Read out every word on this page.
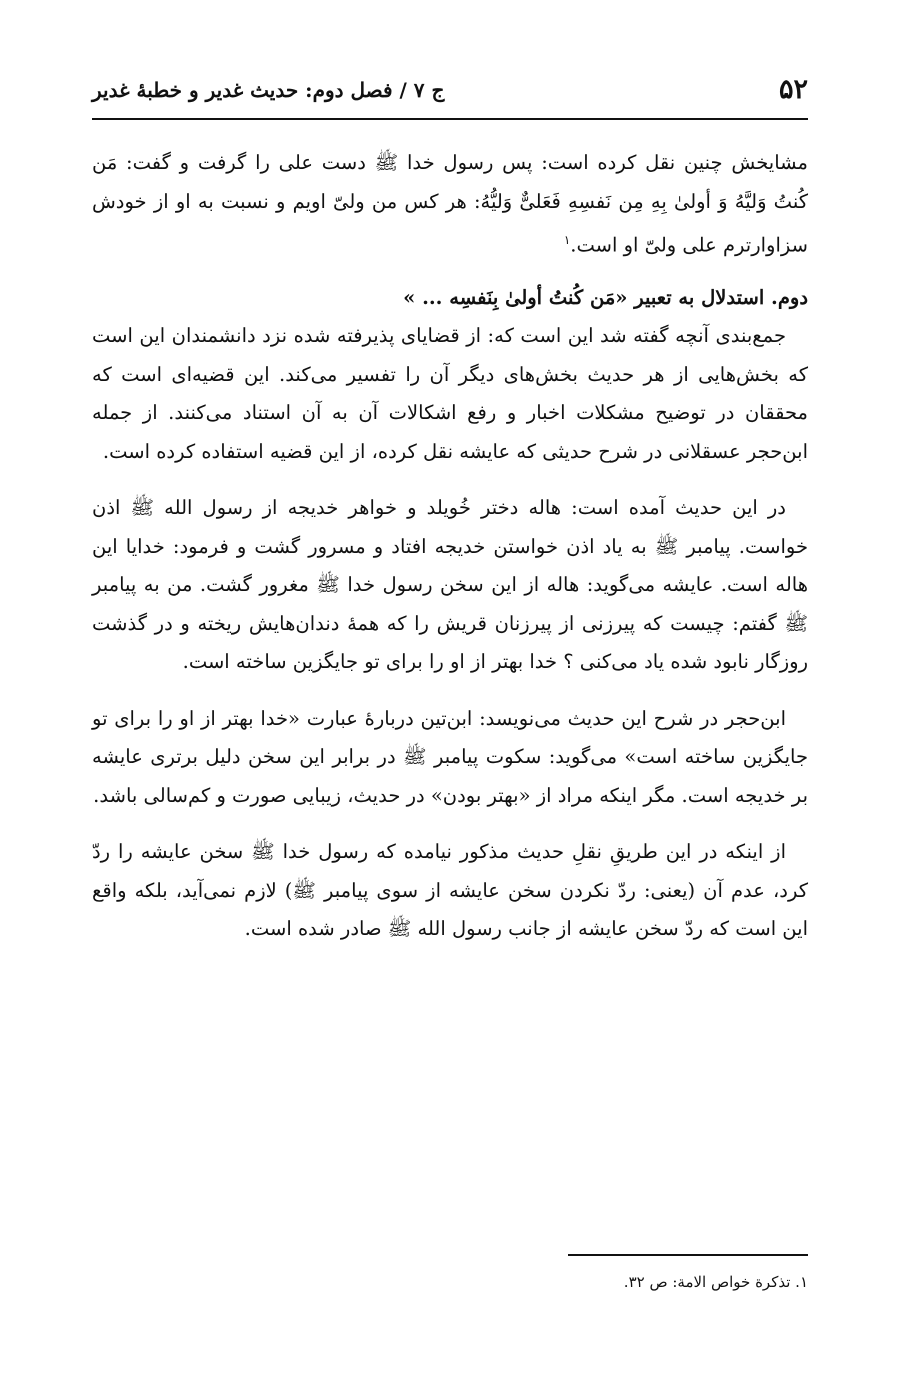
۵۲
ج ۷ / فصل دوم: حدیث غدیر و خطبهٔ غدیر

مشایخش چنین نقل کرده است: پس رسول خدا ﷺ دست علی را گرفت و گفت: مَن کُنتُ وَلیَّهُ وَ أولیٰ بِهِ مِن نَفسِهِ فَعَلیٌّ وَلیُّهُ: هر کس من ولیّ اویم و نسبت به او از خودش سزاوارترم علی ولیّ او است.$^۱$

دوم. استدلال به تعبیر «مَن کُنتُ أولیٰ بِنَفسِه ... »

جمع‌بندی آنچه گفته شد این است که: از قضایای پذیرفته شده نزد دانشمندان این است که بخش‌هایی از هر حدیث بخش‌های دیگر آن را تفسیر می‌کند. این قضیه‌ای است که محققان در توضیح مشکلات اخبار و رفع اشکالات آن به آن استناد می‌کنند. از جمله ابن‌حجر عسقلانی در شرح حدیثی که عایشه نقل کرده، از این قضیه استفاده کرده است.

در این حدیث آمده است: هاله دختر خُویلد و خواهر خدیجه از رسول الله ﷺ اذن خواست. پیامبر ﷺ به یاد اذن خواستن خدیجه افتاد و مسرور گشت و فرمود: خدایا این هاله است. عایشه می‌گوید: هاله از این سخن رسول خدا ﷺ مغرور گشت. من به پیامبر ﷺ گفتم: چیست که پیرزنی از پیرزنان قریش را که همهٔ دندان‌هایش ریخته و در گذشت روزگار نابود شده یاد می‌کنی ؟ خدا بهتر از او را برای تو جایگزین ساخته است.

ابن‌حجر در شرح این حدیث می‌نویسد: ابن‌تین دربارهٔ عبارت «خدا بهتر از او را برای تو جایگزین ساخته است» می‌گوید: سکوت پیامبر ﷺ در برابر این سخن دلیل برتری عایشه بر خدیجه است. مگر اینکه مراد از «بهتر بودن» در حدیث، زیبایی صورت و کم‌سالی باشد.

از اینکه در این طریقِ نقلِ حدیث مذکور نیامده که رسول خدا ﷺ سخن عایشه را ردّ کرد، عدم آن (یعنی: ردّ نکردن سخن عایشه از سوی پیامبر ﷺ) لازم نمی‌آید، بلکه واقع این است که ردّ سخن عایشه از جانب رسول الله ﷺ صادر شده است.

۱. تذکرة خواص الامة: ص ۳۲.
